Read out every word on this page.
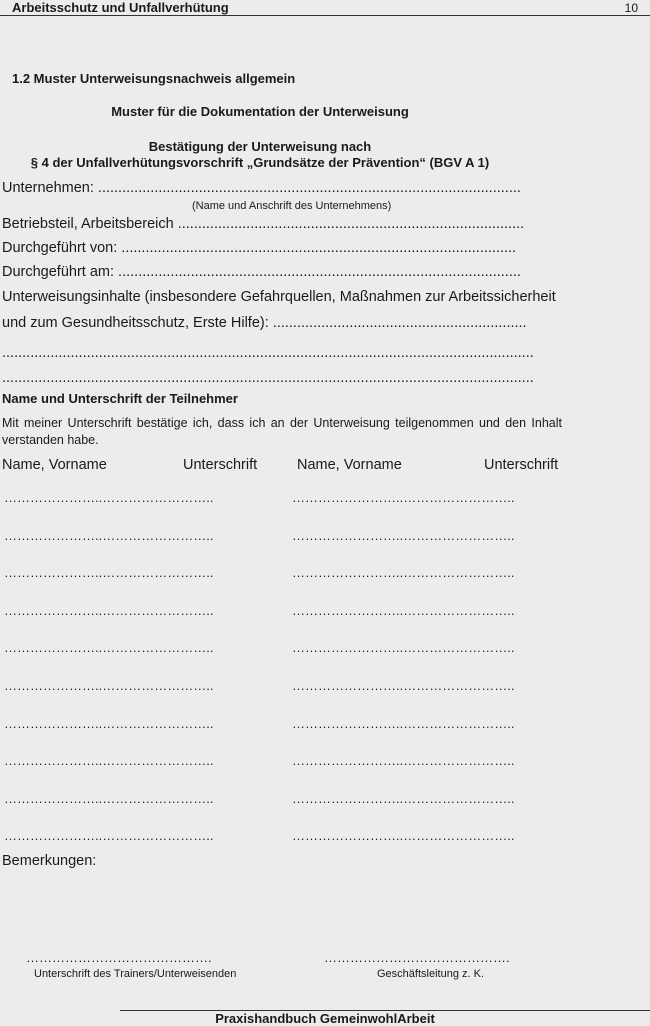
Arbeitsschutz und Unfallverhütung	10
1.2 Muster Unterweisungsnachweis allgemein
Muster für die Dokumentation der Unterweisung
Bestätigung der Unterweisung nach
§ 4 der Unfallverhütungsvorschrift „Grundsätze der Prävention“ (BGV A 1)
Unternehmen: .........................................................................................................
(Name und Anschrift des Unternehmens)
Betriebsteil, Arbeitsbereich ......................................................................................
Durchgeführt von: ..................................................................................................
Durchgeführt am: ....................................................................................................
Unterweisungsinhalte (insbesondere Gefahrquellen, Maßnahmen zur Arbeitssicherheit
und zum Gesundheitsschutz, Erste Hilfe): ...............................................................
....................................................................................................................................
....................................................................................................................................
Name und Unterschrift der Teilnehmer
Mit meiner Unterschrift bestätige ich, dass ich an der Unterweisung teilgenommen und den Inhalt verstanden habe.
Name, Vorname	Unterschrift	Name, Vorname	Unterschrift
…………………..……………………..	……………………..……………………..
…………………..……………………..	……………………..……………………..
…………………..……………………..	……………………..……………………..
…………………..……………………..	……………………..……………………..
…………………..……………………..	……………………..……………………..
…………………..……………………..	……………………..……………………..
…………………..……………………..	……………………..……………………..
…………………..……………………..	……………………..……………………..
…………………..……………………..	……………………..……………………..
…………………..……………………..	……………………..……………………..
Bemerkungen:
…………………………………….	…………………………………….
Unterschrift des Trainers/Unterweisenden	Geschäftsleitung z. K.
Praxishandbuch GemeinwohlArbeit
